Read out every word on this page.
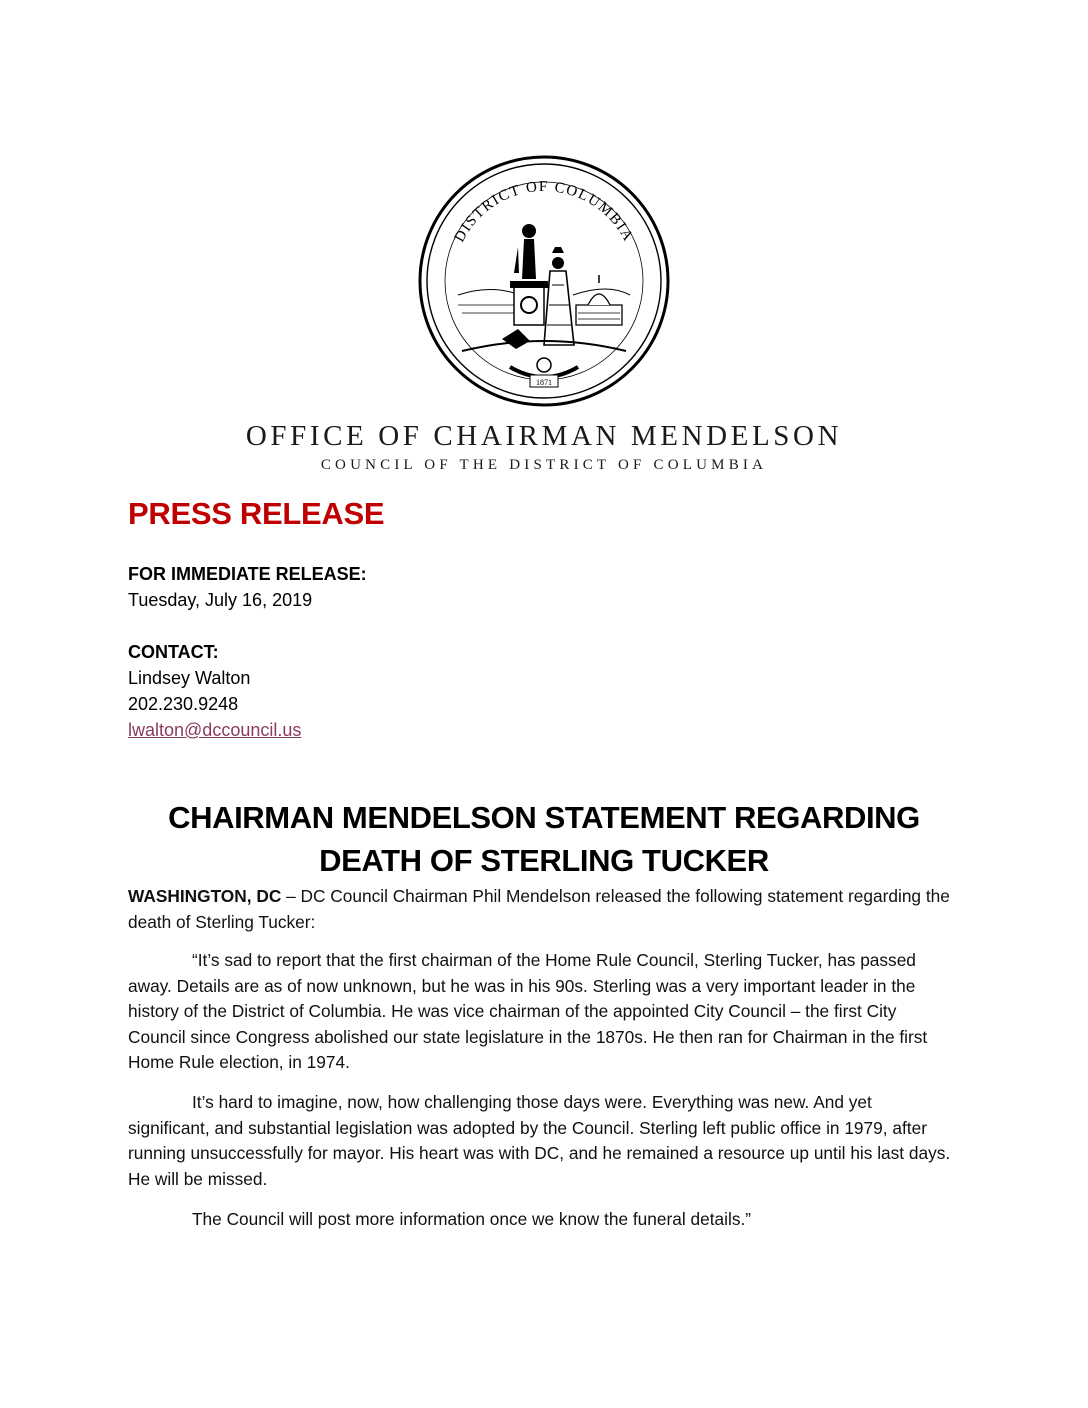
DISTRICT OF COLUMBIA
1871
OFFICE OF CHAIRMAN MENDELSON
COUNCIL OF THE DISTRICT OF COLUMBIA
PRESS RELEASE
FOR IMMEDIATE RELEASE:
Tuesday, July 16, 2019
CONTACT:
Lindsey Walton
202.230.9248
lwalton@dccouncil.us
CHAIRMAN MENDELSON STATEMENT REGARDING
DEATH OF STERLING TUCKER

WASHINGTON, DC – DC Council Chairman Phil Mendelson released the following statement regarding the death of Sterling Tucker:

“It’s sad to report that the first chairman of the Home Rule Council, Sterling Tucker, has passed away. Details are as of now unknown, but he was in his 90s. Sterling was a very important leader in the history of the District of Columbia. He was vice chairman of the appointed City Council – the first City Council since Congress abolished our state legislature in the 1870s. He then ran for Chairman in the first Home Rule election, in 1974.

It’s hard to imagine, now, how challenging those days were. Everything was new. And yet significant, and substantial legislation was adopted by the Council. Sterling left public office in 1979, after running unsuccessfully for mayor. His heart was with DC, and he remained a resource up until his last days. He will be missed.

The Council will post more information once we know the funeral details.”
